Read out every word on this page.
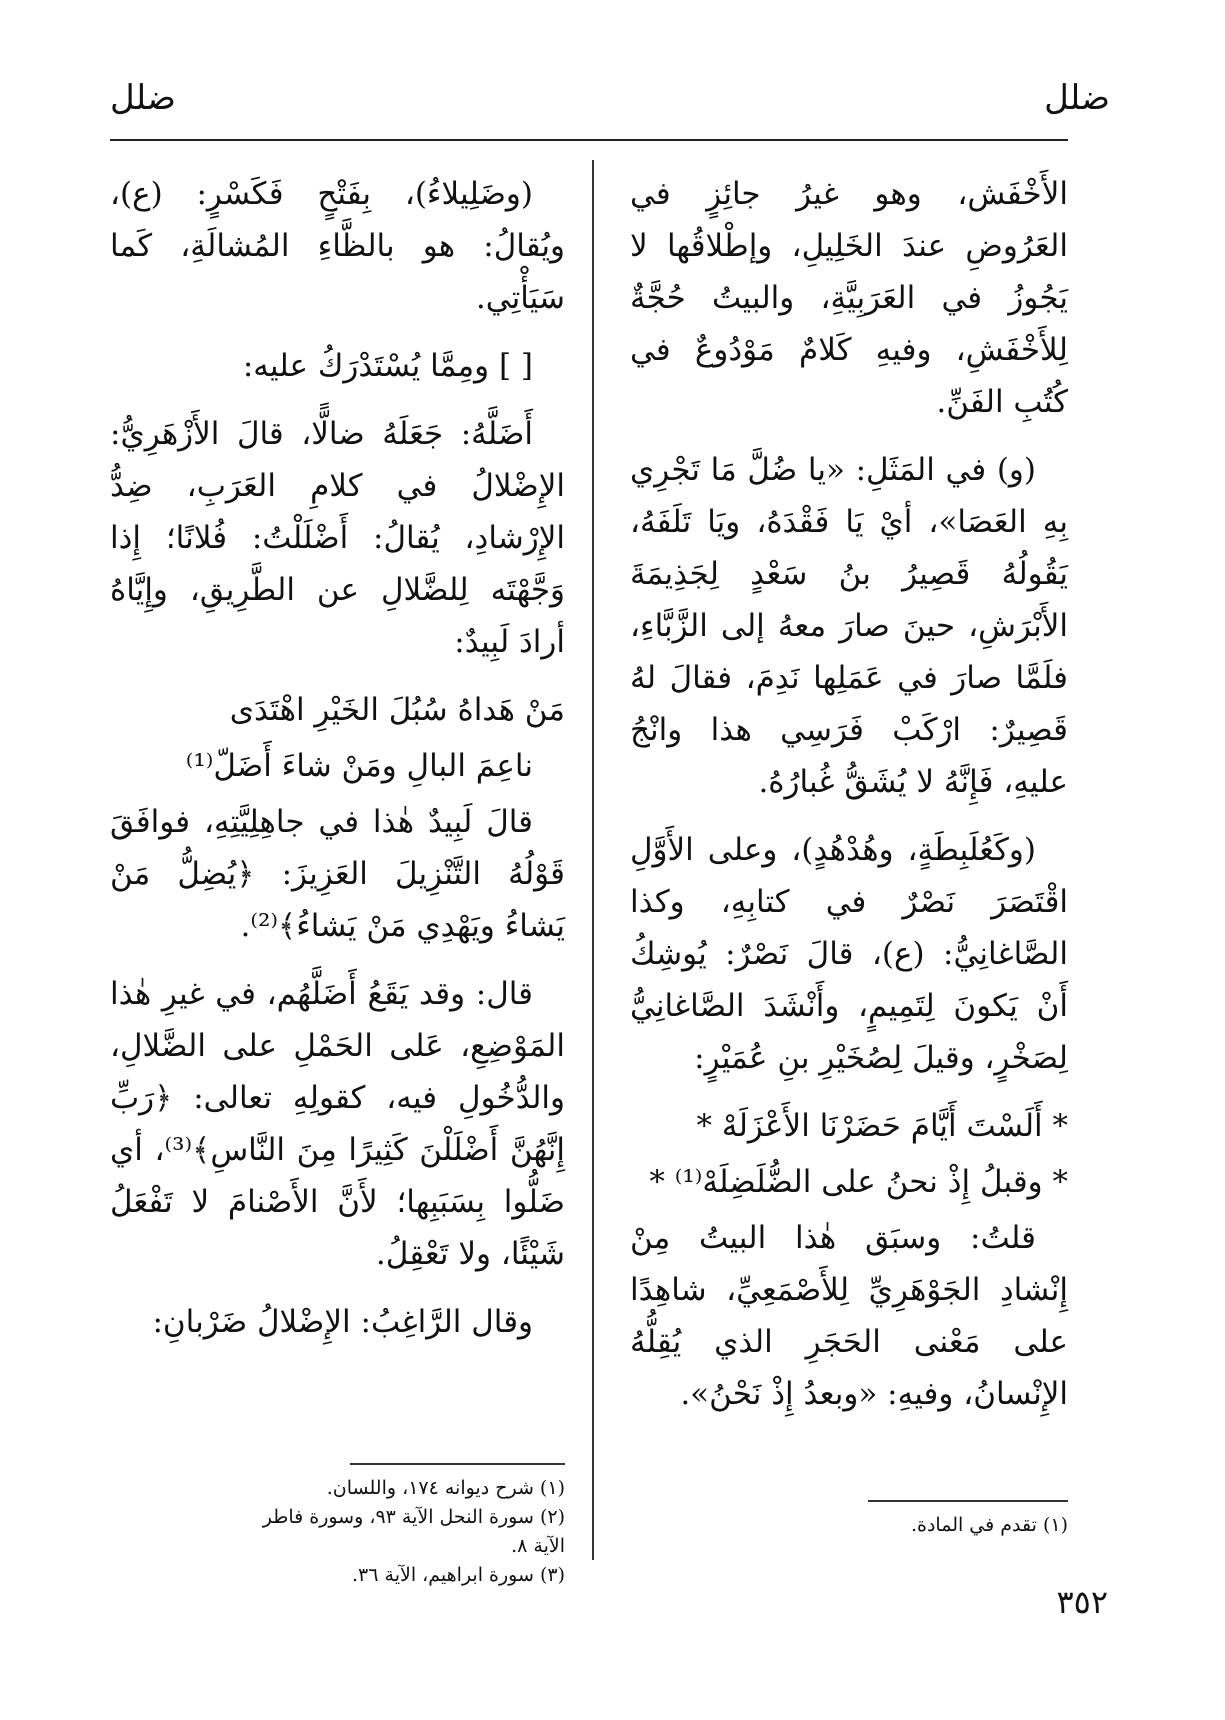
ضلل
ضلل

الأَخْفَش، وهو غيرُ جائِزٍ في العَرُوضِ عندَ الخَلِيلِ، وإطْلاقُها لا يَجُوزُ في العَرَبِيَّةِ، والبيتُ حُجَّةٌ لِلأَخْفَشِ، وفيهِ كَلامٌ مَوْدُوعٌ في كُتُبِ الفَنِّ.

(و) في المَثَلِ: «يا ضُلَّ مَا تَجْرِي بِهِ العَصَا»، أيْ يَا فَقْدَهُ، ويَا تَلَفَهُ، يَقُولُهُ قَصِيرُ بنُ سَعْدٍ لِجَذِيمَةَ الأَبْرَشِ، حينَ صارَ معهُ إلى الزَّبَّاءِ، فلَمَّا صارَ في عَمَلِها نَدِمَ، فقالَ لهُ قَصِيرٌ: ارْكَبْ فَرَسِي هذا وانْجُ عليهِ، فَإِنَّهُ لا يُشَقُّ غُبارُهُ.

(وكَعُلَبِطَةٍ، وهُدْهُدٍ)، وعلى الأَوَّلِ اقْتَصَرَ نَصْرٌ في كتابِهِ، وكذا الصَّاغانِيُّ: (ع)، قالَ نَصْرٌ: يُوشِكُ أَنْ يَكونَ لِتَمِيمٍ، وأَنْشَدَ الصَّاغانِيُّ لِصَخْرٍ، وقيلَ لِصُخَيْرِ بنِ عُمَيْرٍ:

* أَلَسْتَ أَيَّامَ حَضَرْنَا الأَعْزَلَهْ *

* وقبلُ إِذْ نحنُ على الضُّلَضِلَهْ⁽¹⁾ *

قلتُ: وسبَق هٰذا البيتُ مِنْ إِنْشادِ الجَوْهَرِيِّ لِلأَصْمَعِيِّ، شاهِدًا على مَعْنى الحَجَرِ الذي يُقِلُّهُ الإِنْسانُ، وفيهِ: «وبعدُ إِذْ نَحْنُ».

(وضَلِيلاءُ)، بِفَتْحٍ فَكَسْرٍ: (ع)، ويُقالُ: هو بالظَّاءِ المُشالَةِ، كَما سَيَأْتِي.

[ ] ومِمَّا يُسْتَدْرَكُ عليه:

أَضَلَّهُ: جَعَلَهُ ضالًّا، قالَ الأَزْهَرِيُّ: الإِضْلالُ في كلامِ العَرَبِ، ضِدُّ الإِرْشادِ، يُقالُ: أَضْلَلْتُ: فُلانًا؛ إِذا وَجَّهْتَه لِلضَّلالِ عن الطَّرِيقِ، وإِيَّاهُ أرادَ لَبِيدٌ:

مَنْ هَداهُ سُبُلَ الخَيْرِ اهْتَدَى

ناعِمَ البالِ ومَنْ شاءَ أَضَلّ⁽¹⁾

قالَ لَبِيدٌ هٰذا في جاهِلِيَّتِهِ، فوافَقَ قَوْلُهُ التَّنْزِيلَ العَزِيزَ: ﴿يُضِلُّ مَنْ يَشاءُ ويَهْدِي مَنْ يَشاءُ﴾⁽²⁾.

قال: وقد يَقَعُ أَضَلَّهُم، في غيرِ هٰذا المَوْضِعِ، عَلى الحَمْلِ على الضَّلالِ، والدُّخُولِ فيه، كقولِهِ تعالى: ﴿رَبِّ إِنَّهُنَّ أَضْلَلْنَ كَثِيرًا مِنَ النَّاسِ﴾⁽³⁾، أي ضَلُّوا بِسَبَبِها؛ لأَنَّ الأَصْنامَ لا تَفْعَلُ شَيْئًا، ولا تَعْقِلُ.

وقال الرَّاغِبُ: الإِضْلالُ ضَرْبانِ:

(١) شرح ديوانه ١٧٤، واللسان.
(٢) سورة النحل الآية ٩٣، وسورة فاطر الآية ٨.
(٣) سورة ابراهيم، الآية ٣٦.
(١) تقدم في المادة.
٣٥٢
